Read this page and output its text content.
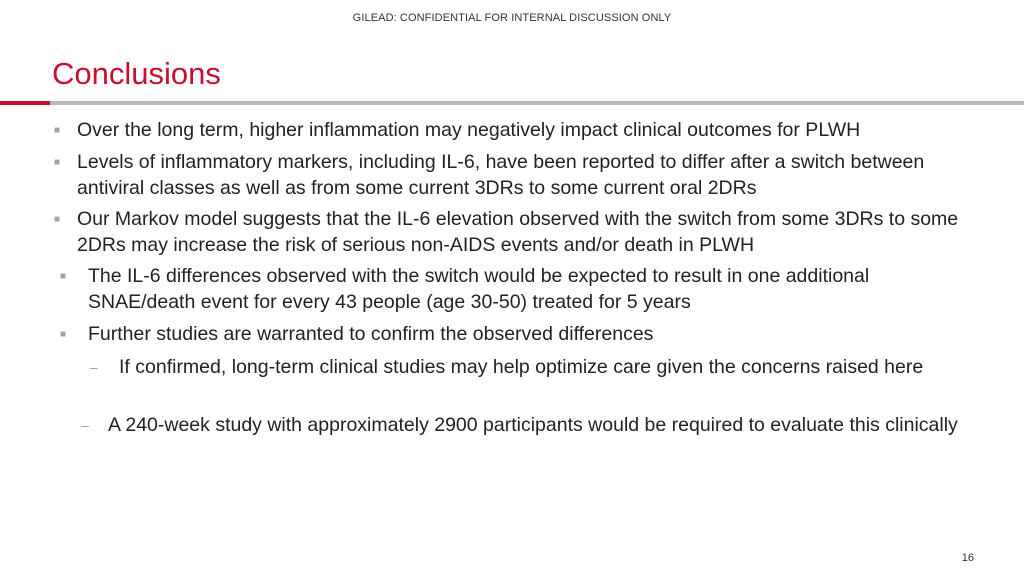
GILEAD: CONFIDENTIAL FOR INTERNAL DISCUSSION ONLY
Conclusions
■ Over the long term, higher inflammation may negatively impact clinical outcomes for PLWH
■ Levels of inflammatory markers, including IL-6, have been reported to differ after a switch between antiviral classes as well as from some current 3DRs to some current oral 2DRs
■ Our Markov model suggests that the IL-6 elevation observed with the switch from some 3DRs to some 2DRs may increase the risk of serious non-AIDS events and/or death in PLWH
■ The IL-6 differences observed with the switch would be expected to result in one additional SNAE/death event for every 43 people (age 30-50) treated for 5 years
■ Further studies are warranted to confirm the observed differences
– If confirmed, long-term clinical studies may help optimize care given the concerns raised here
– A 240-week study with approximately 2900 participants would be required to evaluate this clinically
16
